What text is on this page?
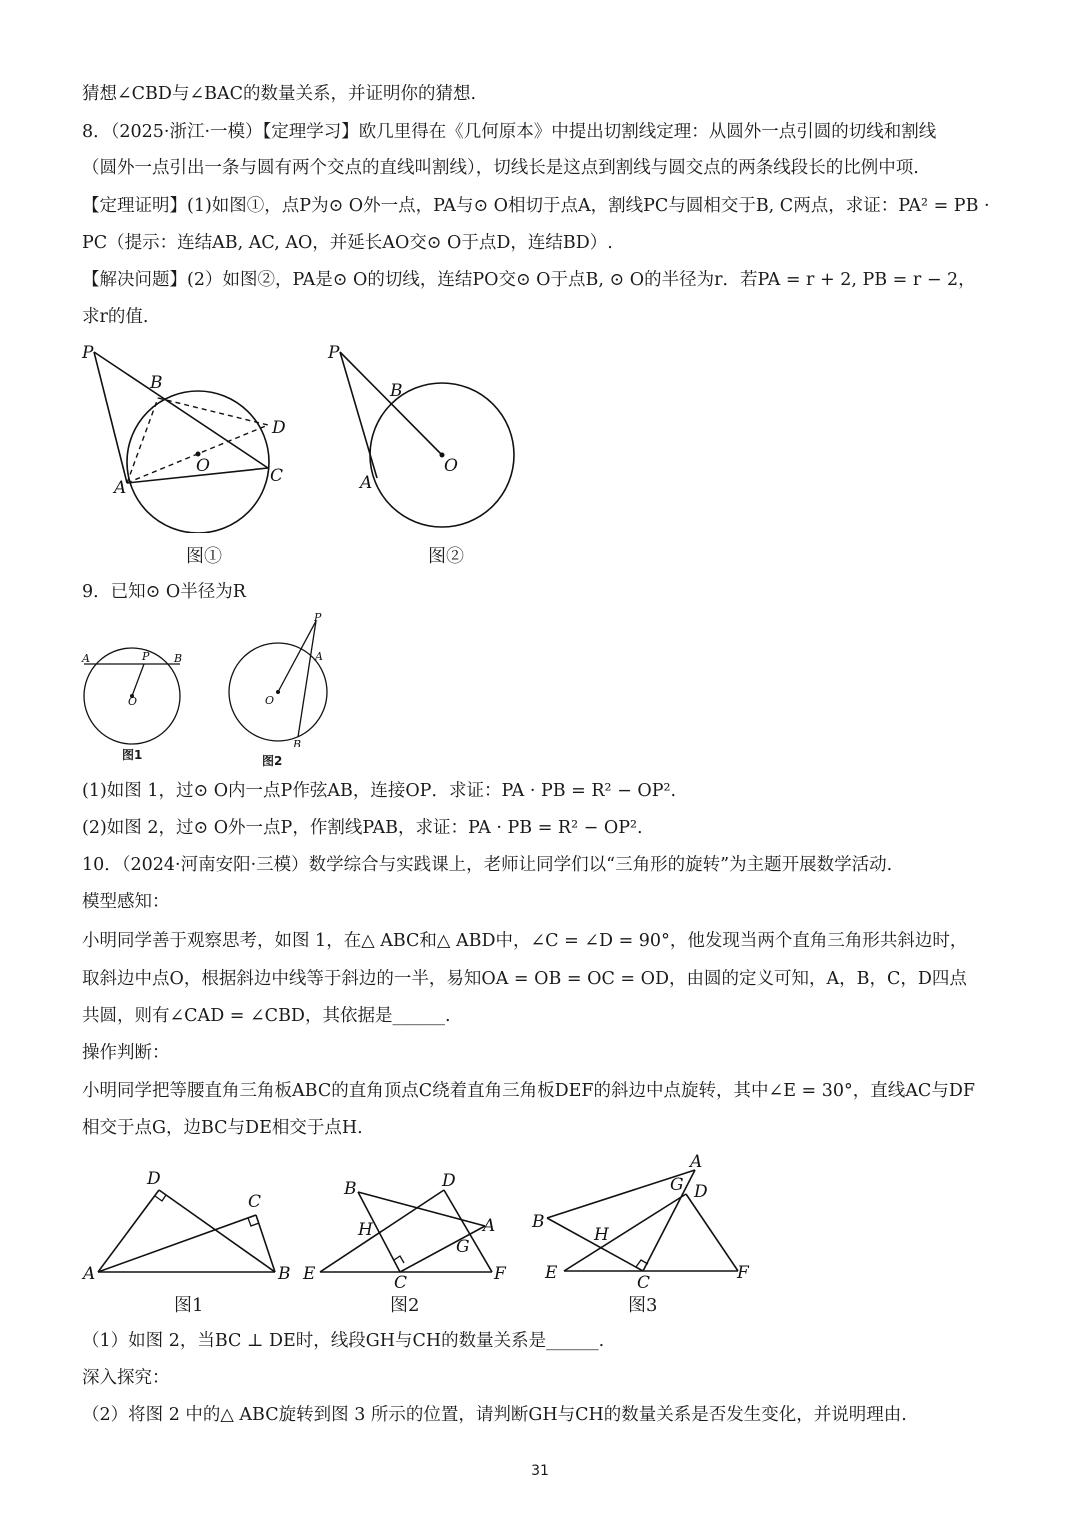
猜想∠CBD与∠BAC的数量关系，并证明你的猜想.
8．（2025·浙江·一模）【定理学习】欧几里得在《几何原本》中提出切割线定理：从圆外一点引圆的切线和割线
（圆外一点引出一条与圆有两个交点的直线叫割线），切线长是这点到割线与圆交点的两条线段长的比例中项.
【定理证明】(1)如图①，点P为⊙ O外一点，PA与⊙ O相切于点A，割线PC与圆相交于B, C两点，求证：PA² = PB ·
PC（提示：连结AB, AC, AO，并延长AO交⊙ O于点D，连结BD）.
【解决问题】(2）如图②，PA是⊙ O的切线，连结PO交⊙ O于点B, ⊙ O的半径为r．若PA = r + 2, PB = r − 2，
求r的值.
P
B
D
O
A
C
图①
P
B
O
A
图②
9．已知⊙ O半径为R
A	P B
O
图1
P
A
O
B
图2
(1)如图 1，过⊙ O内一点P作弦AB，连接OP．求证：PA · PB = R² − OP².
(2)如图 2，过⊙ O外一点P，作割线PAB，求证：PA · PB = R² − OP².
10．（2024·河南安阳·三模）数学综合与实践课上，老师让同学们以“三角形的旋转”为主题开展数学活动.
模型感知：
小明同学善于观察思考，如图 1，在△ ABC和△ ABD中，∠C = ∠D = 90°，他发现当两个直角三角形共斜边时，
取斜边中点O，根据斜边中线等于斜边的一半，易知OA = OB = OC = OD，由圆的定义可知，A，B，C，D四点
共圆，则有∠CAD = ∠CBD，其依据是______.
操作判断：
小明同学把等腰直角三角板ABC的直角顶点C绕着直角三角板DEF的斜边中点旋转，其中∠E = 30°，直线AC与DF
相交于点G，边BC与DE相交于点H.
D
C
A	B
图1
B	D
H	A
G
E	C	F
图2
A
G D
B
H
E	C	F
图3
（1）如图 2，当BC ⊥ DE时，线段GH与CH的数量关系是______.
深入探究：
（2）将图 2 中的△ ABC旋转到图 3 所示的位置，请判断GH与CH的数量关系是否发生变化，并说明理由.
31
